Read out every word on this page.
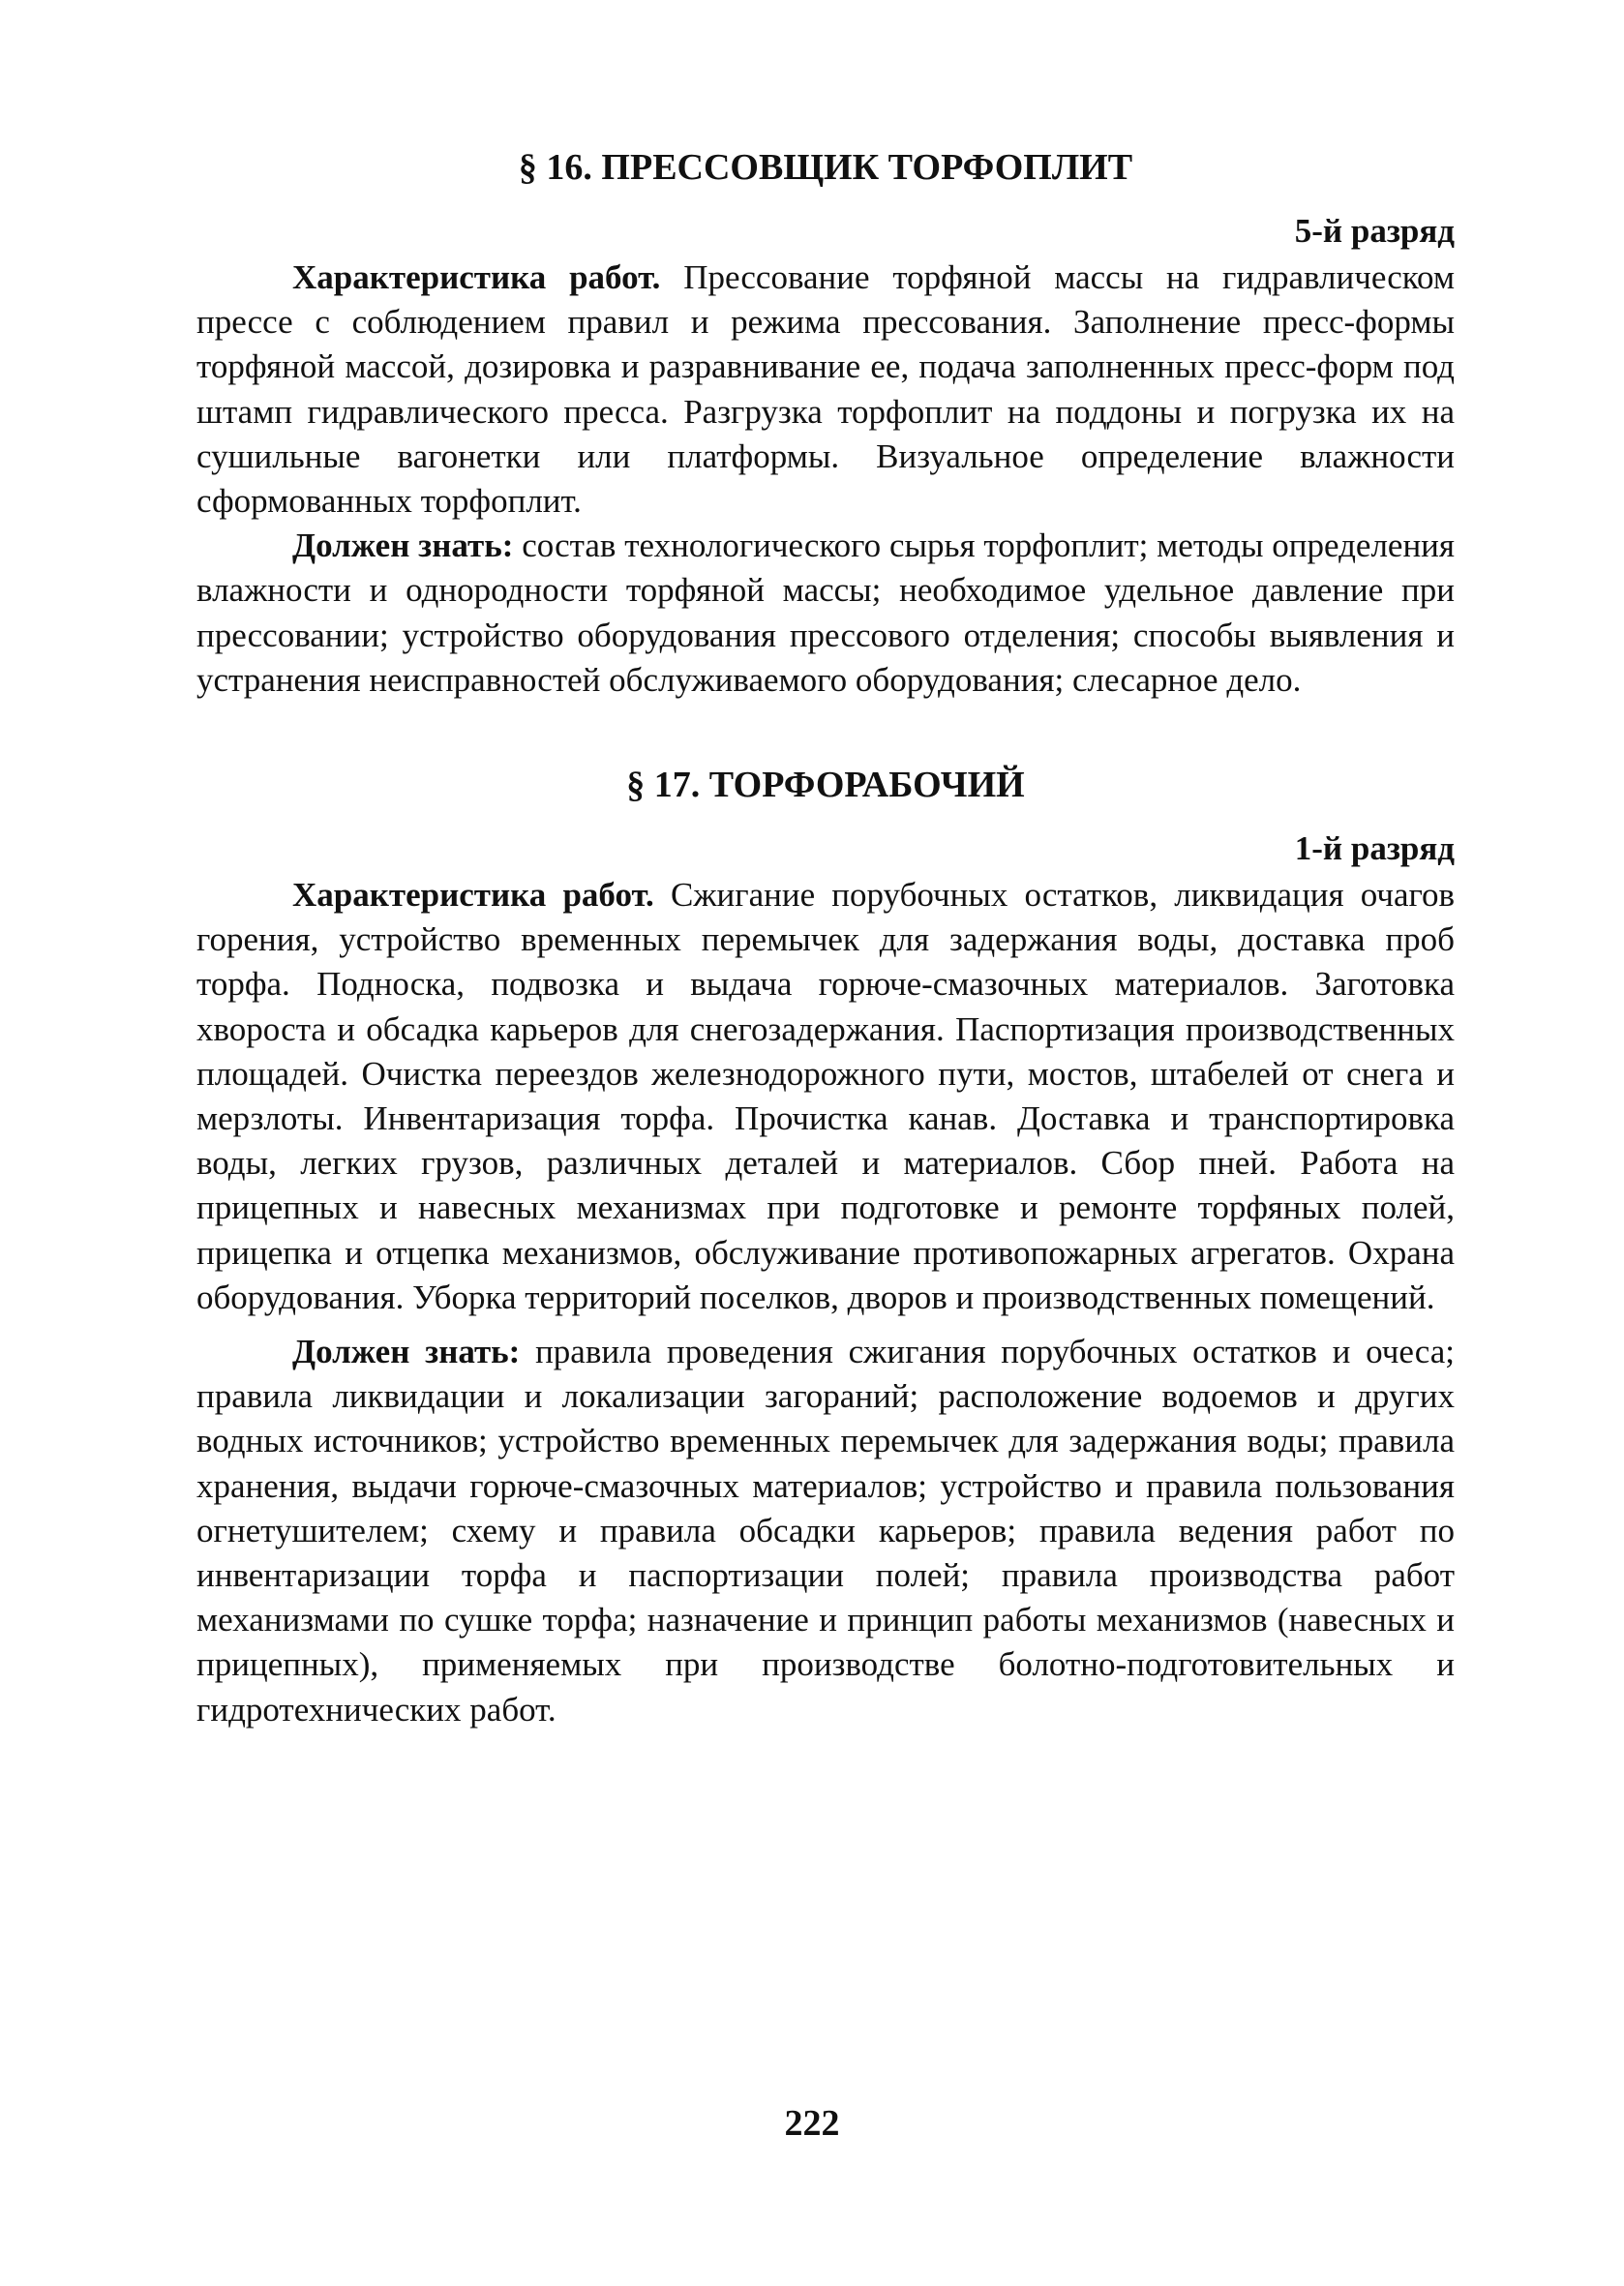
§ 16. ПРЕССОВЩИК ТОРФОПЛИТ
5-й разряд

Характеристика работ. Прессование торфяной массы на гидравлическом прессе с соблюдением правил и режима прессования. Заполнение пресс-формы торфяной массой, дозировка и разравнивание ее, подача заполненных пресс-форм под штамп гидравлического пресса. Разгрузка торфоплит на поддоны и погрузка их на сушильные вагонетки или платформы. Визуальное определение влажности сформованных торфоплит.

Должен знать: состав технологического сырья торфоплит; методы определения влажности и однородности торфяной массы; необходимое удельное давление при прессовании; устройство оборудования прессового отделения; способы выявления и устранения неисправностей обслуживаемого оборудования; слесарное дело.

§ 17. ТОРФОРАБОЧИЙ
1-й разряд

Характеристика работ. Сжигание порубочных остатков, ликвидация очагов горения, устройство временных перемычек для задержания воды, доставка проб торфа. Подноска, подвозка и выдача горюче-смазочных материалов. Заготовка хвороста и обсадка карьеров для снегозадержания. Паспортизация производственных площадей. Очистка переездов железнодорожного пути, мостов, штабелей от снега и мерзлоты. Инвентаризация торфа. Прочистка канав. Доставка и транспортировка воды, легких грузов, различных деталей и материалов. Сбор пней. Работа на прицепных и навесных механизмах при подготовке и ремонте торфяных полей, прицепка и отцепка механизмов, обслуживание противопожарных агрегатов. Охрана оборудования. Уборка территорий поселков, дворов и производственных помещений.

Должен знать: правила проведения сжигания порубочных остатков и очеса; правила ликвидации и локализации загораний; расположение водоемов и других водных источников; устройство временных перемычек для задержания воды; правила хранения, выдачи горюче-смазочных материалов; устройство и правила пользования огнетушителем; схему и правила обсадки карьеров; правила ведения работ по инвентаризации торфа и паспортизации полей; правила производства работ механизмами по сушке торфа; назначение и принцип работы механизмов (навесных и прицепных), применяемых при производстве болотно-подготовительных и гидротехнических работ.

222
